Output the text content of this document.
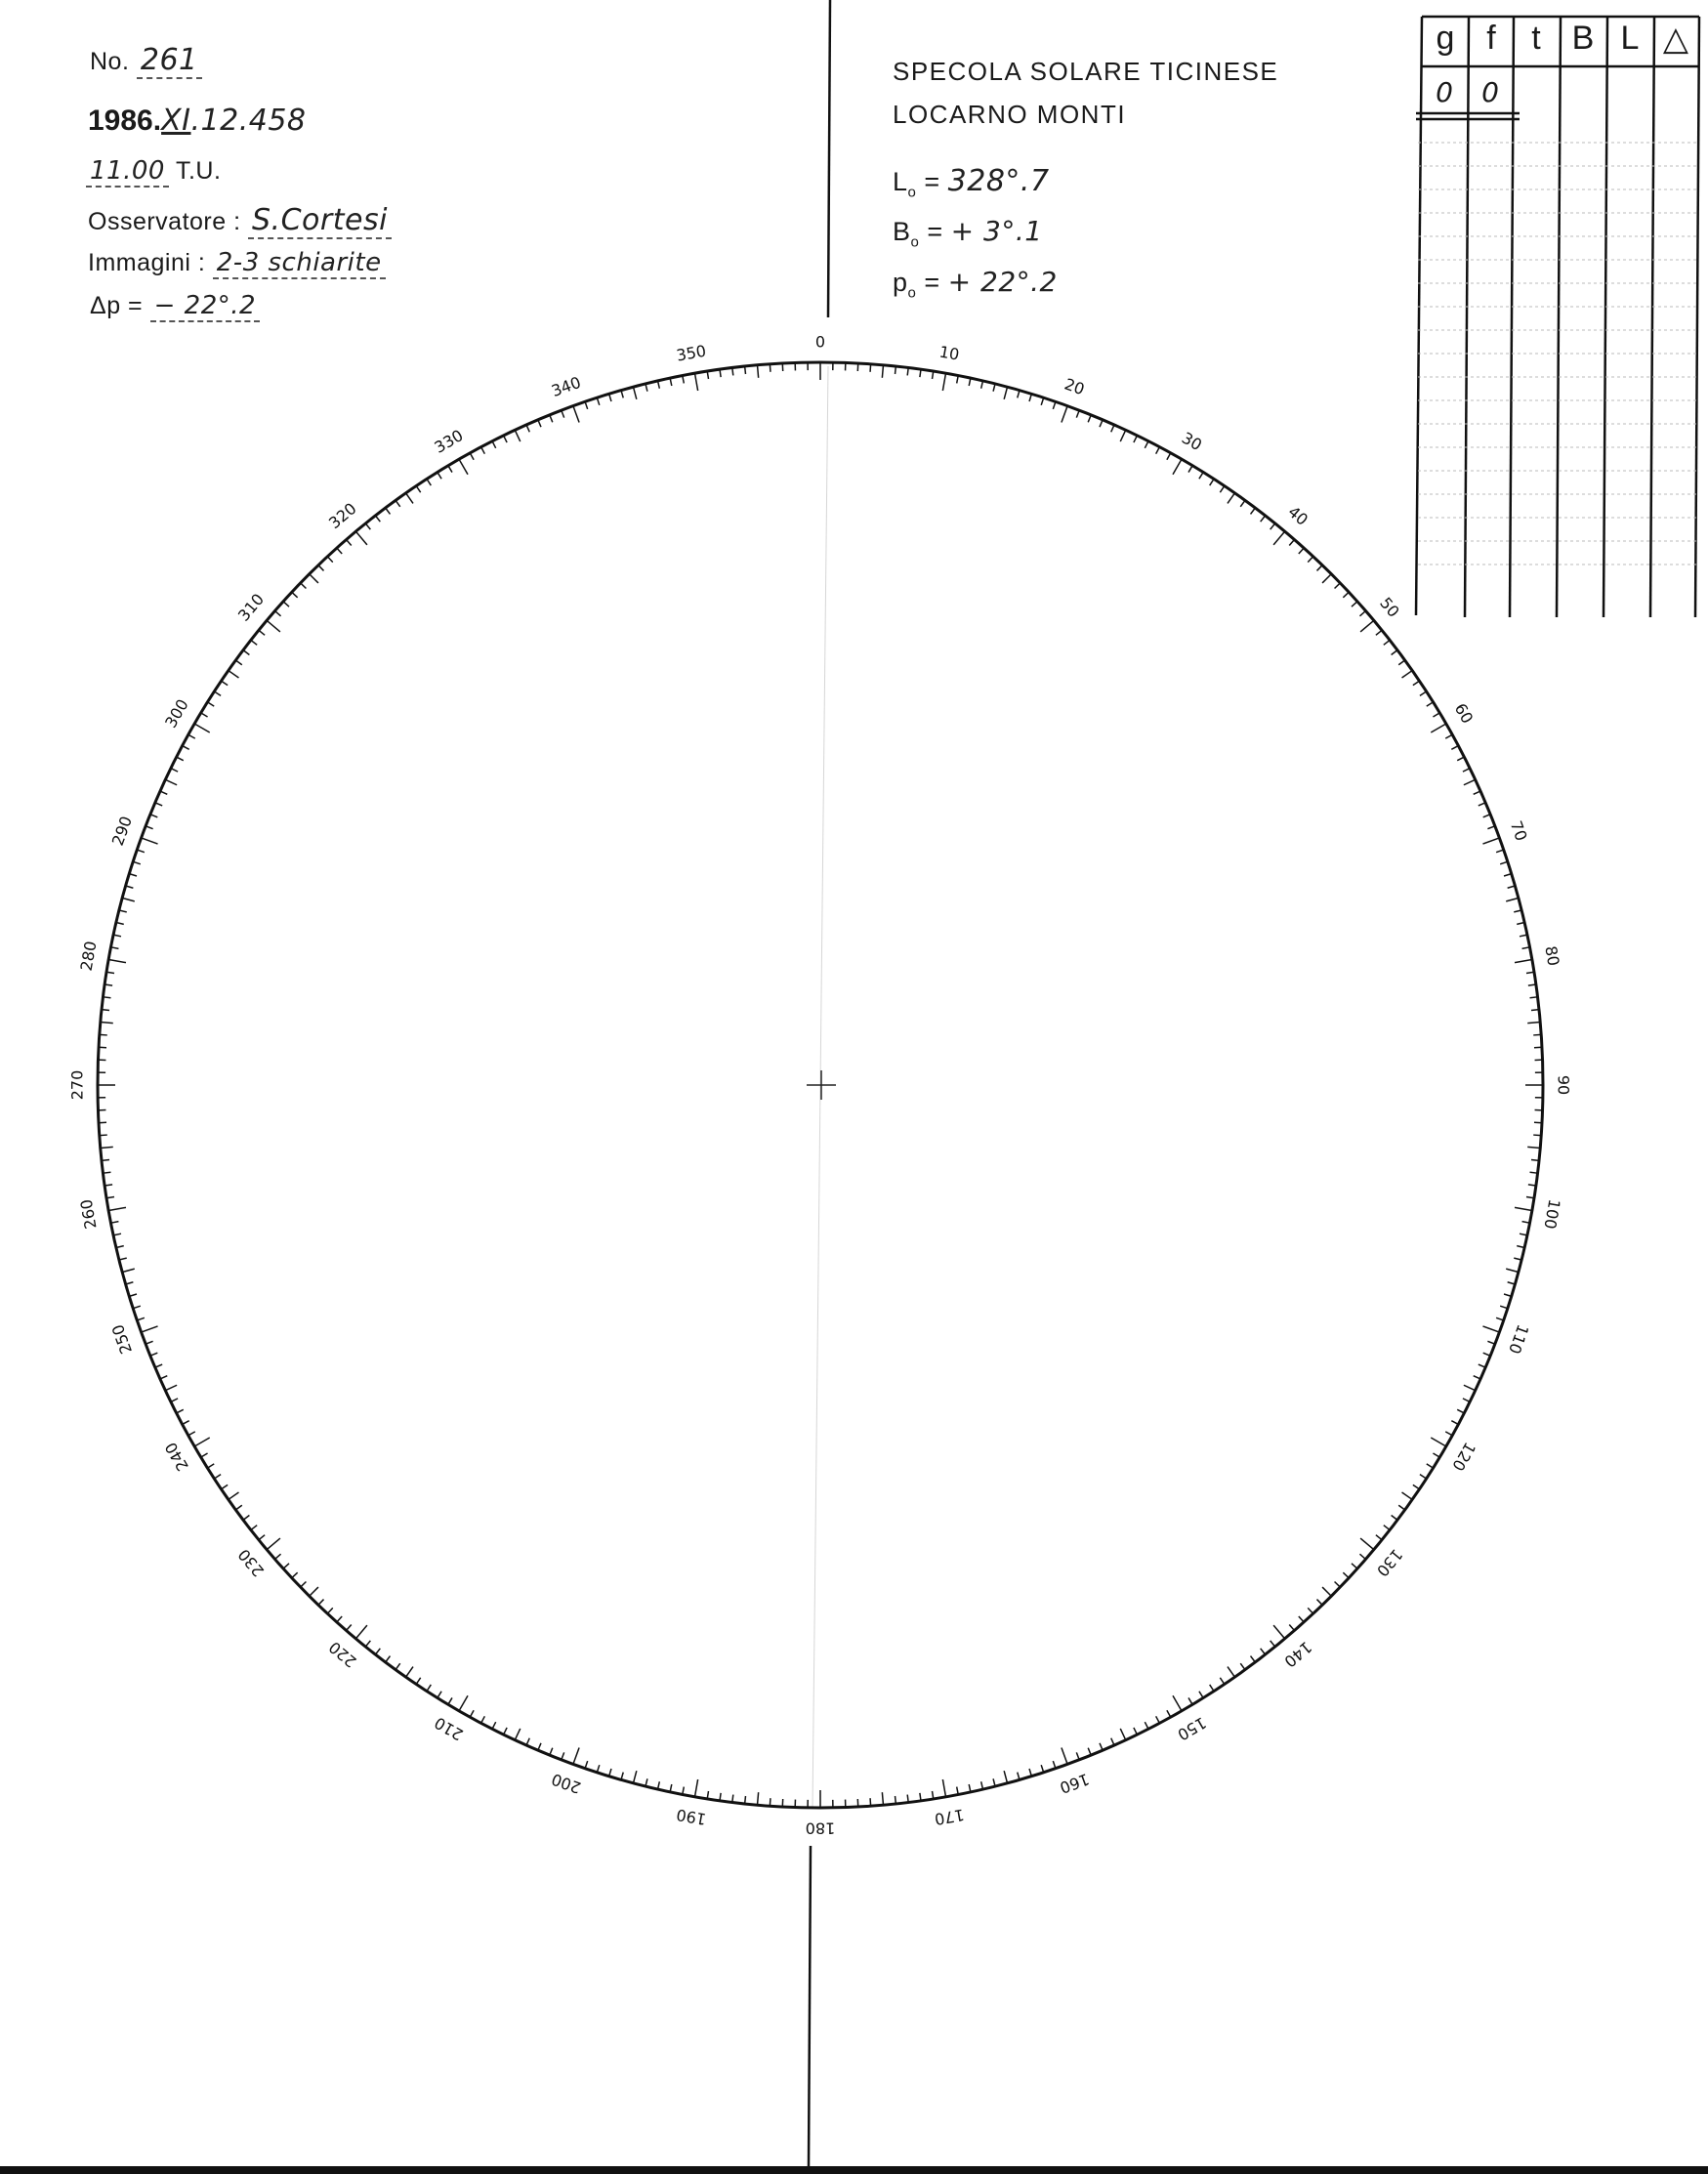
No. 261
1986.XI.12.458
11.00 T.U.
Osservatore : S.Cortesi
Immagini : 2-3 schiarite
Δp = − 22°.2
SPECOLA SOLARE TICINESE
LOCARNO MONTI
$L_o = 328^\circ.7$
$B_o$ = + 3°.1
$p_o$ = + 22°.2
g f	t B L △
0	0
0
10
20
30
40
50
60
70
80
90
100
110
120
130
140
150
160
170
180
190
200
210
220
230
240
250
260
270
280
290
300
310
320
330
340
350
